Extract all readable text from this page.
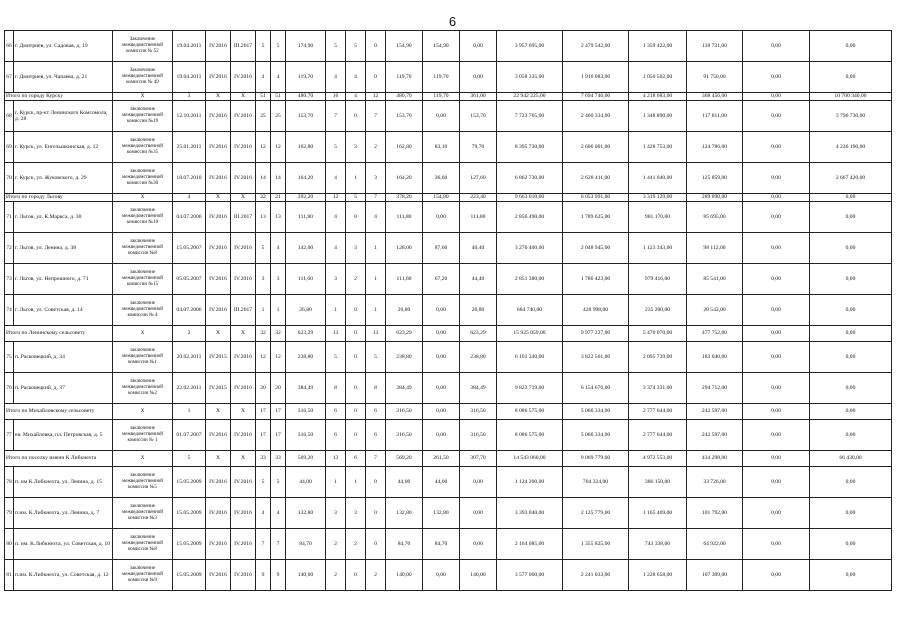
6
66	г. Дмитриев, ул. Садовая, д. 19	Заключение межведомственной комиссии № 52	19.04.2011	IV.2016	III.2017	5	5	174,90	5	5	0	154,90	154,90	0,00	3 957 695,00	2 479 542,00	1 359 422,00	118 731,00	0,00	0,00
67	г. Дмитриев, ул. Чапаева, д. 21	Заключение межведомственной комиссии № 49	19.04.2011	IV.2016	IV.2016	4	4	119,70	4	4	0	119,70	119,70	0,00	3 058 335,00	1 916 083,00	1 050 502,00	91 750,00	0,00	0,00
Итого по городу Курску		X	3	X	X	51	51	480,70	16	4	12	480,70	119,70	361,00	22 942 225,00	7 694 746,00	4 218 683,00	368 456,00	0,00	10 700 340,00
68	г. Курск, пр-кт Ленинского Комсомола, д. 28	заключение межведомственной комиссии №19	12.10.2011	IV.2016	IV.2016	25	25	153,70	7	0	7	153,70	0,00	153,70	7 723 765,00	2 460 334,00	1 348 890,00	117 811,00	0,00	3 796 730,00
69	г. Курск, ул. Енгельшкинская, д. 12	заключение межведомственной комиссии №35	25.01.2011	IV.2016	IV.2016	12	12	162,80	5	3	2	162,80	83,10	79,70	8 395 730,00	2 606 001,00	1 428 753,00	124 786,00	0,00	4 236 190,00
70	г. Курск, ул. Жуковского, д. 29	заключение межведомственной комиссии №30	18.07.2010	IV.2016	IV.2016	14	14	164,20	4	1	3	164,20	36,60	127,60	6 862 730,00	2 628 411,00	1 441 040,00	125 859,00	0,00	2 667 420,00
Итого по городу Льгову		X	4	X	X	22	21	392,20	12	5	7	378,20	154,80	223,40	9 663 010,00	6 053 991,00	3 319 129,00	289 890,00	0,00	0,00
71	г. Льгов, ул. К.Маркса, д. 30	заключение межведомственной комиссии №10	04.07.2006	IV.2016	III.2017	13	13	111,80	4	0	4	111,80	0,00	111,80	2 856 490,00	1 789 625,00	981 170,00	85 695,00	0,00	0,00
72	г. Льгов, ул. Ленина, д. 38	заключение межведомственной комиссии №8	15.05.2007	IV.2016	IV.2016	5	4	142,00	4	3	1	128,00	87,60	40,40	3 270 400,00	2 048 945,00	1 123 343,00	98 112,00	0,00	0,00
73	г. Льгов, ул. Непрошного, д. 71	заключение межведомственной комиссии №15	05.05.2007	IV.2016	IV.2016	3	3	111,60	3	2	1	111,60	67,20	44,40	2 851 380,00	1 786 423,00	979 416,00	85 541,00	0,00	0,00
74	г. Льгов, ул. Советская, д. 14	заключение межведомственной комиссии № 4	04.07.2006	IV.2016	III.2017	1	1	26,80	1	0	1	26,80	0,00	26,80	684 740,00	428 998,00	235 200,00	20 542,00	0,00	0,00
Итого по Ленинскому сельсовету		X	2	X	X	32	32	623,29	13	0	13	623,29	0,00	623,29	15 925 059,00	9 977 237,00	5 470 070,00	477 752,00	0,00	0,00
75	п. Расковецкий, д. 34	заключение межведомственной комиссии №1	20.02.2011	IV.2015	IV.2016	12	12	238,80	5	0	5	238,80	0,00	238,80	6 101 340,00	3 822 561,00	2 095 739,00	183 040,00	0,00	0,00
76	п. Расковецкий, д. 37	заключение межведомственной комиссии №2	22.02.2011	IV.2015	IV.2016	20	20	384,49	8	0	8	384,49	0,00	384,49	9 823 719,00	6 154 676,00	3 374 331,00	294 712,00	0,00	0,00
Итого по Михайловскому сельсовету		X	1	X	X	17	17	316,50	6	0	6	316,50	0,00	316,50	8 086 575,00	5 066 334,00	2 777 644,00	242 597,00	0,00	0,00
77	ея. Михайловка, пл. Петровская, д. 5	заключение межведомственной комиссии № 1	01.07.2007	IV.2016	IV.2016	17	17	316,50	6	0	6	316,50	0,00	316,50	8 086 575,00	5 066 334,00	2 777 644,00	242 597,00	0,00	0,00
Итого по поселку имени К Либкнехта		X	5	X	X	33	33	569,20	13	6	7	569,20	261,50	307,70	14 543 060,00	9 069 779,00	4 972 553,00	434 298,00	0,00	66 430,00
78	п. им К.Либкнехта, ул. Ленина, д. 15	заключение межведомственной комиссии №5	15.05.2009	IV.2016	IV.2016	5	5	44,00	1	1	0	44,00	44,00	0,00	1 124 200,00	704 324,00	386 150,00	33 726,00	0,00	0,00
79	п.им. К.Либкнехта, ул. Ленина, д. 7	заключение межведомственной комиссии №3	15.05.2009	IV.2016	IV.2016	4	4	132,80	3	3	0	132,80	132,80	0,00	3 393 040,00	2 125 779,00	1 165 469,00	101 792,00	0,00	0,00
80	п. им. К.Либкнехта, ул. Советская, д. 10	заключение межведомственной комиссии №8	15.05.2009	IV.2016	IV.2016	7	7	84,70	2	2	0	84,70	84,70	0,00	2 164 085,00	1 355 825,00	743 338,00	64 922,00	0,00	0,00
81	п.им. К.Либкнехта, ул. Советская, д. 12	заключение межведомственной комиссии №9	15.05.2009	IV.2016	IV.2016	9	9	140,00	2	0	2	140,00	0,00	140,00	3 577 000,00	2 241 033,00	1 228 658,00	107 309,00	0,00	0,00
